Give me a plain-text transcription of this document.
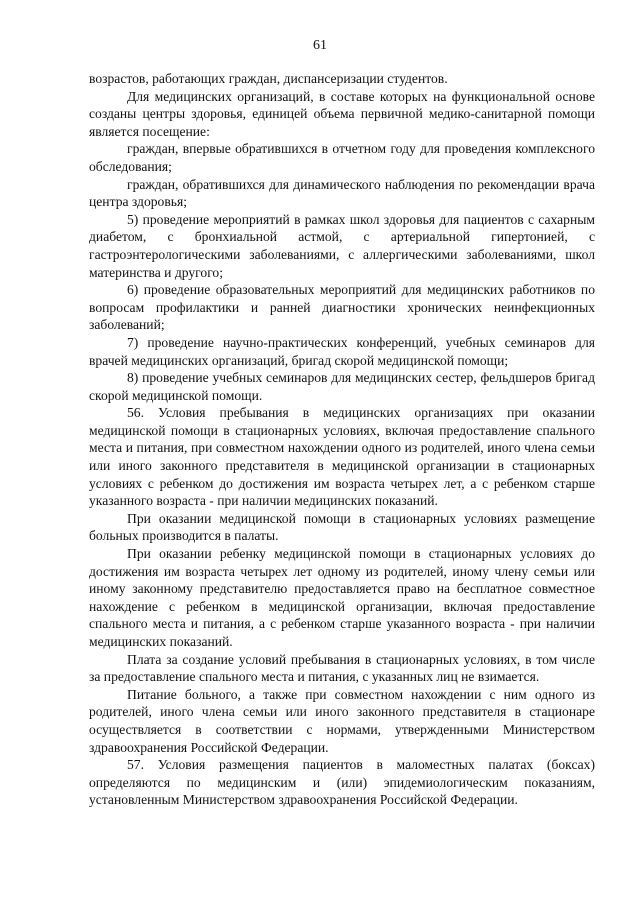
61

возрастов, работающих граждан, диспансеризации студентов.

Для медицинских организаций, в составе которых на функциональной основе созданы центры здоровья, единицей объема первичной медико-санитарной помощи является посещение:

граждан, впервые обратившихся в отчетном году для проведения комплексного обследования;

граждан, обратившихся для динамического наблюдения по рекомендации врача центра здоровья;

5) проведение мероприятий в рамках школ здоровья для пациентов с сахарным диабетом, с бронхиальной астмой, с артериальной гипертонией, с гастроэнтерологическими заболеваниями, с аллергическими заболеваниями, школ материнства и другого;

6) проведение образовательных мероприятий для медицинских работников по вопросам профилактики и ранней диагностики хронических неинфекционных заболеваний;

7) проведение научно-практических конференций, учебных семинаров для врачей медицинских организаций, бригад скорой медицинской помощи;

8) проведение учебных семинаров для медицинских сестер, фельдшеров бригад скорой медицинской помощи.

56. Условия пребывания в медицинских организациях при оказании медицинской помощи в стационарных условиях, включая предоставление спального места и питания, при совместном нахождении одного из родителей, иного члена семьи или иного законного представителя в медицинской организации в стационарных условиях с ребенком до достижения им возраста четырех лет, а с ребенком старше указанного возраста - при наличии медицинских показаний.

При оказании медицинской помощи в стационарных условиях размещение больных производится в палаты.

При оказании ребенку медицинской помощи в стационарных условиях до достижения им возраста четырех лет одному из родителей, иному члену семьи или иному законному представителю предоставляется право на бесплатное совместное нахождение с ребенком в медицинской организации, включая предоставление спального места и питания, а с ребенком старше указанного возраста - при наличии медицинских показаний.

Плата за создание условий пребывания в стационарных условиях, в том числе за предоставление спального места и питания, с указанных лиц не взимается.

Питание больного, а также при совместном нахождении с ним одного из родителей, иного члена семьи или иного законного представителя в стационаре осуществляется в соответствии с нормами, утвержденными Министерством здравоохранения Российской Федерации.

57. Условия размещения пациентов в маломестных палатах (боксах) определяются по медицинским и (или) эпидемиологическим показаниям, установленным Министерством здравоохранения Российской Федерации.
